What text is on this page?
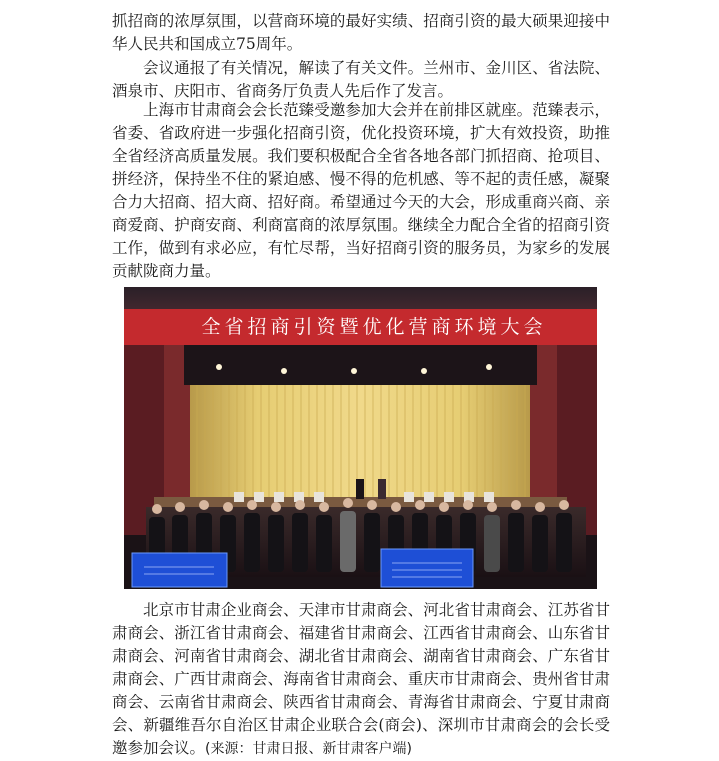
抓招商的浓厚氛围，以营商环境的最好实绩、招商引资的最大硕果迎接中华人民共和国成立75周年。

会议通报了有关情况，解读了有关文件。兰州市、金川区、省法院、酒泉市、庆阳市、省商务厅负责人先后作了发言。

上海市甘肃商会会长范臻受邀参加大会并在前排区就座。范臻表示，省委、省政府进一步强化招商引资，优化投资环境，扩大有效投资，助推全省经济高质量发展。我们要积极配合全省各地各部门抓招商、抢项目、拼经济，保持坐不住的紧迫感、慢不得的危机感、等不起的责任感，凝聚合力大招商、招大商、招好商。希望通过今天的大会，形成重商兴商、亲商爱商、护商安商、利商富商的浓厚氛围。继续全力配合全省的招商引资工作，做到有求必应，有忙尽帮，当好招商引资的服务员，为家乡的发展贡献陇商力量。

全省招商引资暨优化营商环境大会

北京市甘肃企业商会、天津市甘肃商会、河北省甘肃商会、江苏省甘肃商会、浙江省甘肃商会、福建省甘肃商会、江西省甘肃商会、山东省甘肃商会、河南省甘肃商会、湖北省甘肃商会、湖南省甘肃商会、广东省甘肃商会、广西甘肃商会、海南省甘肃商会、重庆市甘肃商会、贵州省甘肃商会、云南省甘肃商会、陕西省甘肃商会、青海省甘肃商会、宁夏甘肃商会、新疆维吾尔自治区甘肃企业联合会(商会)、深圳市甘肃商会的会长受邀参加会议。(来源：甘肃日报、新甘肃客户端)
